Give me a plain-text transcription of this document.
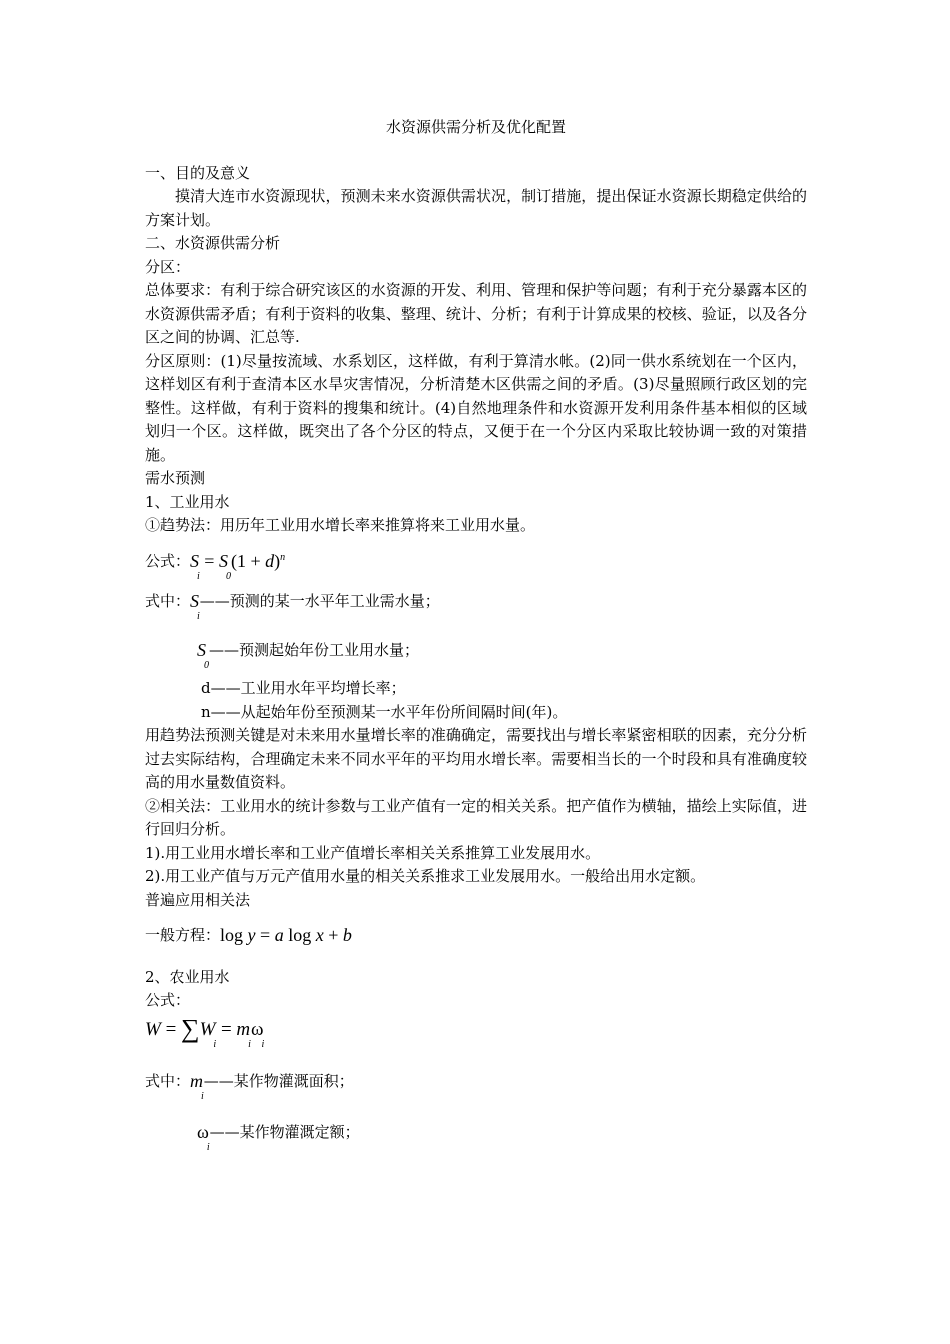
水资源供需分析及优化配置

一、目的及意义

摸清大连市水资源现状，预测未来水资源供需状况，制订措施，提出保证水资源长期稳定供给的方案计划。

二、水资源供需分析

分区：

总体要求：有利于综合研究该区的水资源的开发、利用、管理和保护等问题；有利于充分暴露本区的水资源供需矛盾；有利于资料的收集、整理、统计、分析；有利于计算成果的校核、验证，以及各分区之间的协调、汇总等.

分区原则：(1)尽量按流域、水系划区，这样做，有利于算清水帐。(2)同一供水系统划在一个区内，这样划区有利于查清本区水旱灾害情况，分析清楚木区供需之间的矛盾。(3)尽量照顾行政区划的完整性。这样做，有利于资料的搜集和统计。(4)自然地理条件和水资源开发利用条件基本相似的区域划归一个区。这样做，既突出了各个分区的特点，又便于在一个分区内采取比较协调一致的对策措施。

需水预测

1、工业用水

①趋势法：用历年工业用水增长率来推算将来工业用水量。

公式： $S_i = S_0(1 + d)^n$
式中： $S_i$
——预测的某一水平年工业需水量；
$S_0$
——预测起始年份工业用水量；

d——工业用水年平均增长率；

n——从起始年份至预测某一水平年份所间隔时间(年)。

用趋势法预测关键是对未来用水量增长率的准确确定，需要找出与增长率紧密相联的因素，充分分析过去实际结构，合理确定未来不同水平年的平均用水增长率。需要相当长的一个时段和具有准确度较高的用水量数值资料。

②相关法：工业用水的统计参数与工业产值有一定的相关关系。把产值作为横轴，描绘上实际值，进行回归分析。

1).用工业用水增长率和工业产值增长率相关关系推算工业发展用水。

2).用工业产值与万元产值用水量的相关关系推求工业发展用水。一般给出用水定额。

普遍应用相关法

一般方程： log y = a log x + b

2、农业用水

公式：

$W = \sum W_i = m_i\omega_i$
式中： $m_i$
——某作物灌溉面积；
$\omega_i$
——某作物灌溉定额；
